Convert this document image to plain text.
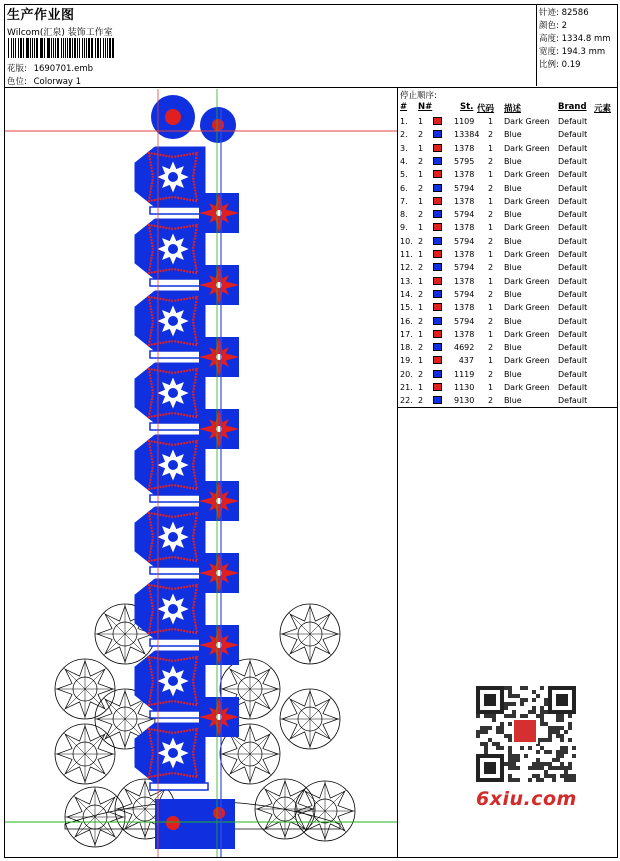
生产作业图
Wilcom(汇泉) 装饰工作室
花版: 1690701.emb
色位: Colorway 1
针迹: 82586
颜色: 2
高度: 1334.8 mm
宽度: 194.3 mm
比例: 0.19
停止顺序:
# N#	St. 代码 描述	Brand 元素
1. 1	1109 1 Dark Green Default
2. 2	13384 2 Blue	Default
3. 1	1378 1 Dark Green Default
4. 2	5795 2 Blue	Default
5. 1	1378 1 Dark Green Default
6. 2	5794 2 Blue	Default
7. 1	1378 1 Dark Green Default
8. 2	5794 2 Blue	Default
9. 1	1378 1 Dark Green Default
10. 2	5794 2 Blue	Default
11. 1	1378 1 Dark Green Default
12. 2	5794 2 Blue	Default
13. 1	1378 1 Dark Green Default
14. 2	5794 2 Blue	Default
15. 1	1378 1 Dark Green Default
16. 2	5794 2 Blue	Default
17. 1	1378 1 Dark Green Default
18. 2	4692 2 Blue	Default
19. 1	437 1 Dark Green Default
20. 2	1119 2 Blue	Default
21. 1	1130 1 Dark Green Default
22. 2	9130 2 Blue	Default
6xiu.com
